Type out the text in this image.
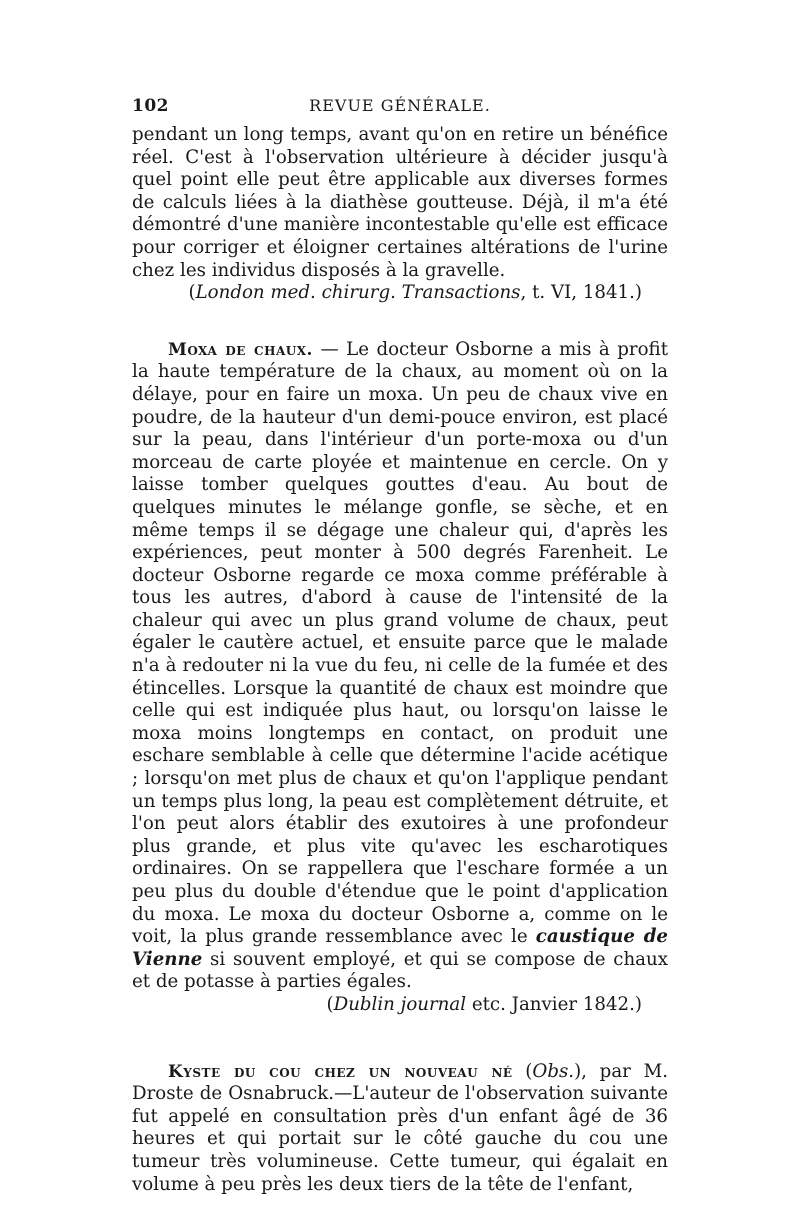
102	REVUE GÉNÉRALE.

pendant un long temps, avant qu'on en retire un bénéfice réel. C'est à l'observation ultérieure à décider jusqu'à quel point elle peut être applicable aux diverses formes de calculs liées à la diathèse goutteuse. Déjà, il m'a été démontré d'une manière incontestable qu'elle est efficace pour corriger et éloigner certaines altérations de l'urine chez les individus disposés à la gravelle.

(London med. chirurg. Transactions, t. VI, 1841.)

Moxa de chaux. — Le docteur Osborne a mis à profit la haute température de la chaux, au moment où on la délaye, pour en faire un moxa. Un peu de chaux vive en poudre, de la hauteur d'un demi-pouce environ, est placé sur la peau, dans l'intérieur d'un porte-moxa ou d'un morceau de carte ployée et maintenue en cercle. On y laisse tomber quelques gouttes d'eau. Au bout de quelques minutes le mélange gonfle, se sèche, et en même temps il se dégage une chaleur qui, d'après les expériences, peut monter à 500 degrés Farenheit. Le docteur Osborne regarde ce moxa comme préférable à tous les autres, d'abord à cause de l'intensité de la chaleur qui avec un plus grand volume de chaux, peut égaler le cautère actuel, et ensuite parce que le malade n'a à redouter ni la vue du feu, ni celle de la fumée et des étincelles. Lorsque la quantité de chaux est moindre que celle qui est indiquée plus haut, ou lorsqu'on laisse le moxa moins longtemps en contact, on produit une eschare semblable à celle que détermine l'acide acétique ; lorsqu'on met plus de chaux et qu'on l'applique pendant un temps plus long, la peau est complètement détruite, et l'on peut alors établir des exutoires à une profondeur plus grande, et plus vite qu'avec les escharotiques ordinaires. On se rappellera que l'eschare formée a un peu plus du double d'étendue que le point d'application du moxa. Le moxa du docteur Osborne a, comme on le voit, la plus grande ressemblance avec le caustique de Vienne si souvent employé, et qui se compose de chaux et de potasse à parties égales.

(Dublin journal etc. Janvier 1842.)

Kyste du cou chez un nouveau né (Obs.), par M. Droste de Osnabruck.—L'auteur de l'observation suivante fut appelé en consultation près d'un enfant âgé de 36 heures et qui portait sur le côté gauche du cou une tumeur très volumineuse. Cette tumeur, qui égalait en volume à peu près les deux tiers de la tête de l'enfant,
